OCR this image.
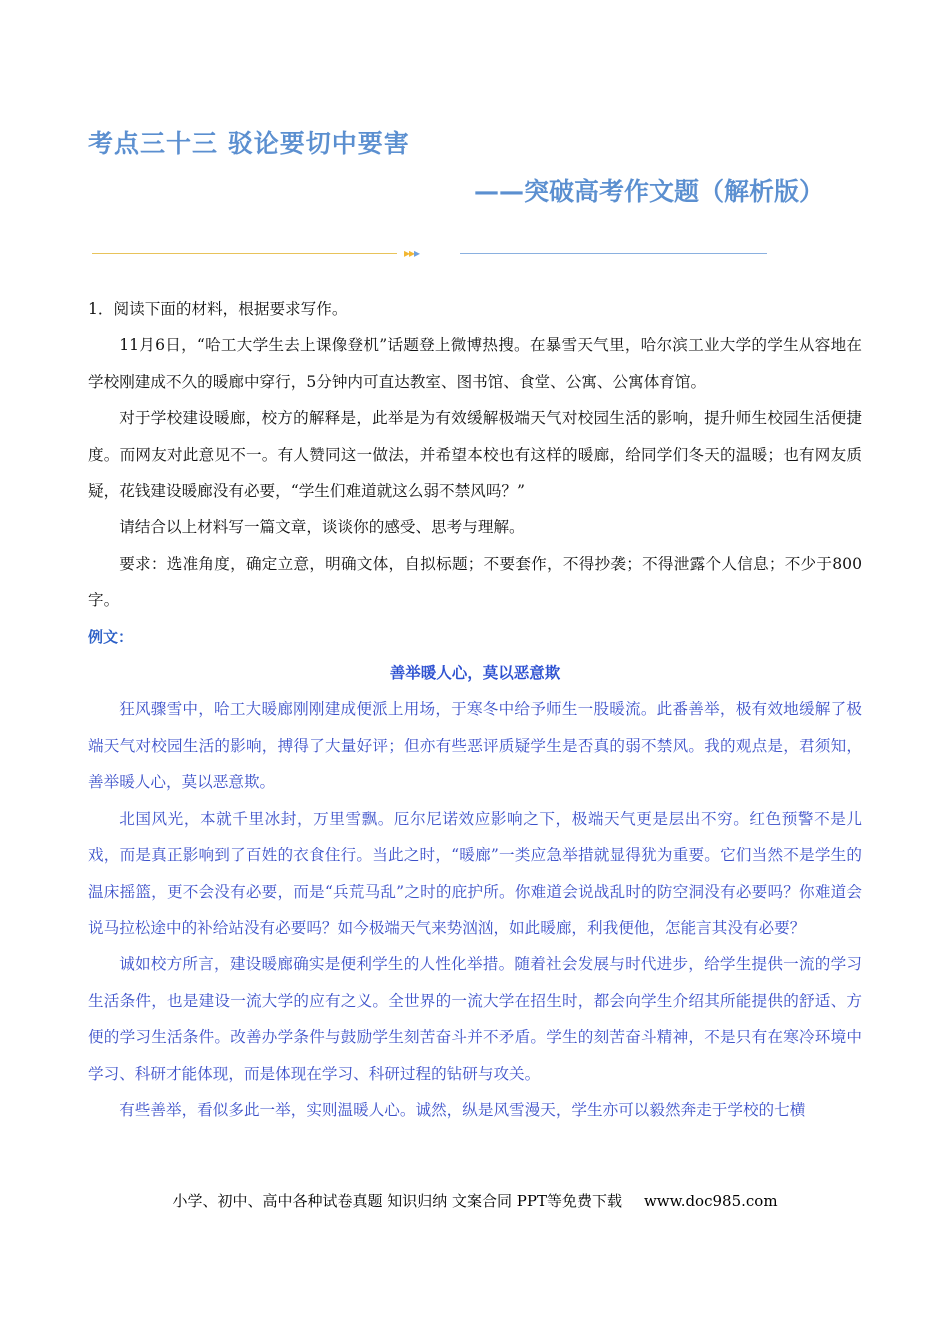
考点三十三 驳论要切中要害
——突破高考作文题（解析版）
▸▸▸

1．阅读下面的材料，根据要求写作。

11月6日，“哈工大学生去上课像登机”话题登上微博热搜。在暴雪天气里，哈尔滨工业大学的学生从容地在学校刚建成不久的暖廊中穿行，5分钟内可直达教室、图书馆、食堂、公寓、公寓体育馆。

对于学校建设暖廊，校方的解释是，此举是为有效缓解极端天气对校园生活的影响，提升师生校园生活便捷度。而网友对此意见不一。有人赞同这一做法，并希望本校也有这样的暖廊，给同学们冬天的温暖；也有网友质疑，花钱建设暖廊没有必要，“学生们难道就这么弱不禁风吗？”

请结合以上材料写一篇文章，谈谈你的感受、思考与理解。

要求：选准角度，确定立意，明确文体，自拟标题；不要套作，不得抄袭；不得泄露个人信息；不少于800字。

例文：

善举暖人心，莫以恶意欺

狂风骤雪中，哈工大暖廊刚刚建成便派上用场，于寒冬中给予师生一股暖流。此番善举，极有效地缓解了极端天气对校园生活的影响，搏得了大量好评；但亦有些恶评质疑学生是否真的弱不禁风。我的观点是，君须知，善举暖人心，莫以恶意欺。

北国风光，本就千里冰封，万里雪飘。厄尔尼诺效应影响之下，极端天气更是层出不穷。红色预警不是儿戏，而是真正影响到了百姓的衣食住行。当此之时，“暖廊”一类应急举措就显得犹为重要。它们当然不是学生的温床摇篮，更不会没有必要，而是“兵荒马乱”之时的庇护所。你难道会说战乱时的防空洞没有必要吗？你难道会说马拉松途中的补给站没有必要吗？如今极端天气来势汹汹，如此暖廊，利我便他，怎能言其没有必要？

诚如校方所言，建设暖廊确实是便利学生的人性化举措。随着社会发展与时代进步，给学生提供一流的学习生活条件，也是建设一流大学的应有之义。全世界的一流大学在招生时，都会向学生介绍其所能提供的舒适、方便的学习生活条件。改善办学条件与鼓励学生刻苦奋斗并不矛盾。学生的刻苦奋斗精神，不是只有在寒冷环境中学习、科研才能体现，而是体现在学习、科研过程的钻研与攻关。

有些善举，看似多此一举，实则温暖人心。诚然，纵是风雪漫天，学生亦可以毅然奔走于学校的七横

小学、初中、高中各种试卷真题 知识归纳 文案合同 PPT等免费下载 www.doc985.com
